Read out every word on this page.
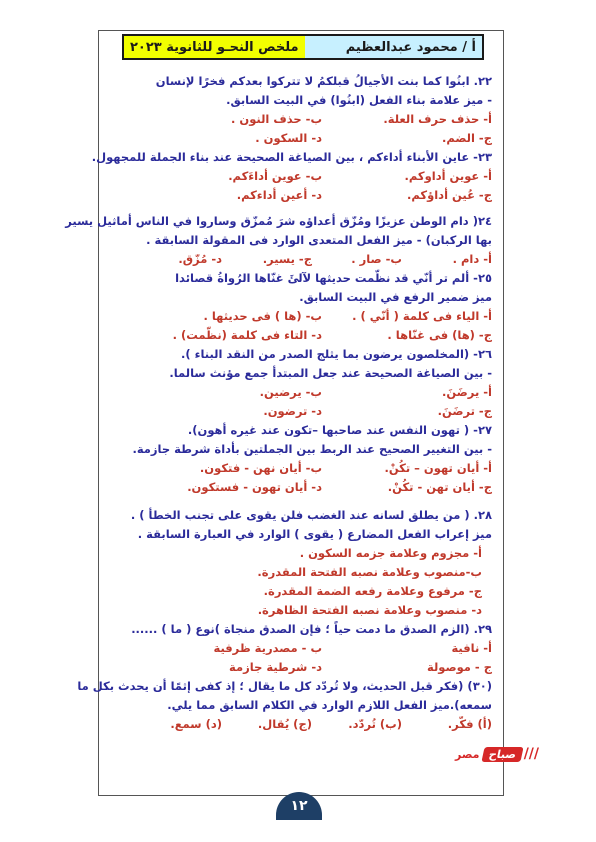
ملخص النحـو للثانوية ٢٠٢٣	أ / محمود عبدالعظيم
٢٢. ابنُوا كما بنت الأجيالُ قبلكمُ لا تتركوا بعدكم فخرًا لإنسان
- ميز علامة بناء الفعل (ابنُوا) في البيت السابق.
أ- حذف حرف العلة.
ب- حذف النون .
ج- الضم.
د- السكون .
٢٣- عاين الأبناء أداءكم ، بين الصياغة الصحيحة عند بناء الجملة للمجهول.
أ- عوين أداوكم.
ب- عوين أداءَكم.
ج- عُين أداؤكم.
د- أعين أداءكم.
٢٤( دام الوطن عزيزًا ومُزّق أعداؤه شرَ مُمزّق وساروا في الناس أماثيل يسير
بها الركبان) - ميز الفعل المتعدى الوارد فى المقولة السابقة .
أ- دام .
ب- صار .
ج- يسير.
د- مُزّق.
٢٥- ألم تر أنّي قد نظّمت حديثها لآلئَ غنّاها الرُواةُ قصائدا
ميز ضمير الرفع في البيت السابق.
أ- الياء فى كلمة ( أنّي ) .
ب- (ها ) فى حديثها .
ج- (ها) فى غنّاها .
د- التاء فى كلمة (نظّمت) .
٢٦- (المخلصون يرضون بما يثلج الصدر من النقد البناء ).
- بين الصياغة الصحيحة عند جعل المبتدأ جمع مؤنث سالما.
أ- يرضَنَ.
ب- يرضين.
ج- ترضَنَ.
د- ترضون.
٢٧- ( تهون النفس عند صاحبها –تكون عند غيره أهون).
- بين التغيير الصحيح عند الربط بين الجملتين بأداة شرطة جازمة.
أ- أيان تهون – تكُنْ.
ب- أيان نهن - فتكون.
ج- أيان تهن - تكُنْ.
د- أيان تهون - فستكون.
٢٨. ( من يطلق لسانه عند الغضب فلن يقوى على تجنب الخطأ ) .
ميز إعراب الفعل المضارع ( يقوى ) الوارد في العبارة السابقة .
أ- مجزوم وعلامة جزمه السكون .
ب-منصوب وعلامة نصبه الفتحة المقدرة.
ج- مرفوع وعلامة رفعه الضمة المقدرة.
د- منصوب وعلامة نصبه الفتحة الظاهرة.
٢٩. (الزم الصدق ما دمت حياً ؛ فإن الصدق منجاة )نوع ( ما ) ......
أ- نافية
ب - مصدرية ظرفية
ج - موصولة
د- شرطية جازمة
(٣٠) (فكر قبل الحديث، ولا تُردّد كل ما يقال ؛ إذ كفى إثمًا أن يحدث بكل ما
سمعه).ميز الفعل اللازم الوارد في الكلام السابق مما يلي.
(أ) فكّر.
(ب) تُردّد.
(ج) يُقال.
(د) سمع.
///
صباح
مصر
١٢
